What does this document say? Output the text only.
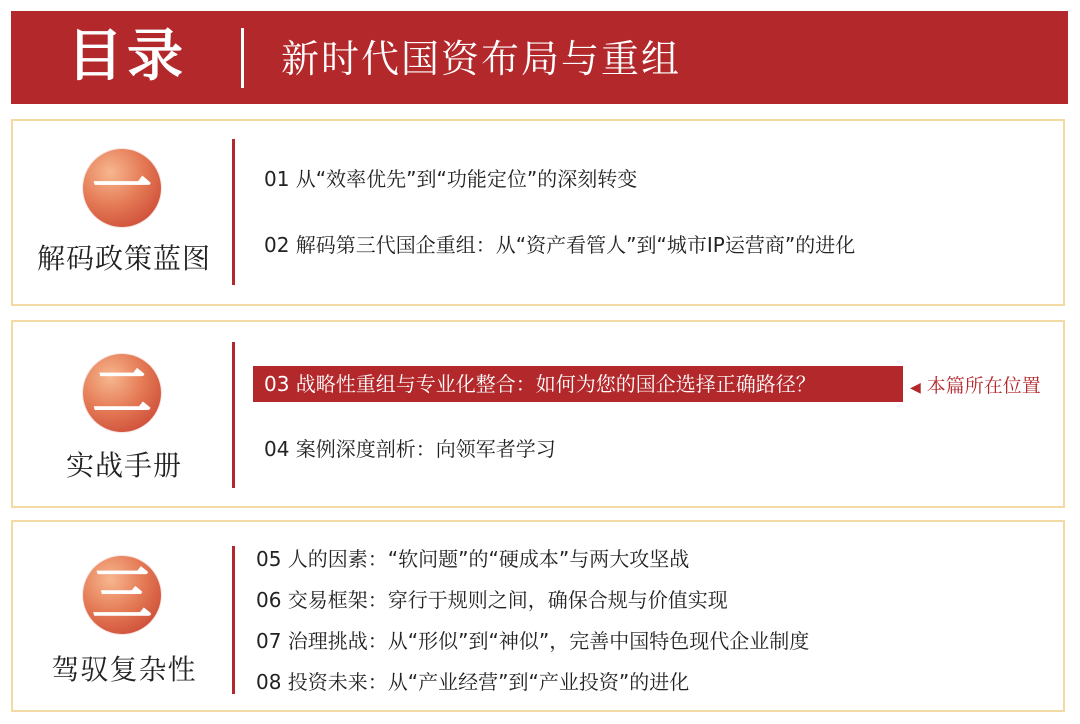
目录 新时代国资布局与重组
一
解码政策蓝图
01 从“效率优先”到“功能定位”的深刻转变
02 解码第三代国企重组：从“资产看管人”到“城市IP运营商”的进化
二
实战手册
03 战略性重组与专业化整合：如何为您的国企选择正确路径？	◀ 本篇所在位置
04 案例深度剖析：向领军者学习
三
驾驭复杂性
05 人的因素：“软问题”的“硬成本”与两大攻坚战
06 交易框架：穿行于规则之间，确保合规与价值实现
07 治理挑战：从“形似”到“神似”，完善中国特色现代企业制度
08 投资未来：从“产业经营”到“产业投资”的进化
